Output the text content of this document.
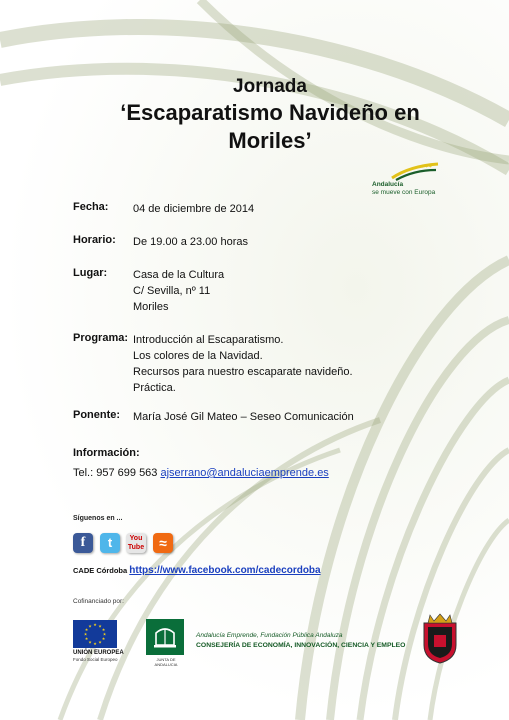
Jornada
‘Escaparatismo Navideño en
Moriles’
✶✶✶
Andalucía
se mueve con Europa
Fecha: 04 de diciembre de 2014
Horario: De 19.00 a 23.00 horas
Lugar: Casa de la Cultura
C/ Sevilla, nº 11
Moriles
Programa: Introducción al Escaparatismo.
Los colores de la Navidad.
Recursos para nuestro escaparate navideño.
Práctica.
Ponente: María José Gil Mateo – Seseo Comunicación
Información:
Tel.: 957 699 563 ajserrano@andaluciaemprende.es
Síguenos en ...
f	t	You
Tube	≈
CADE Córdoba https://www.facebook.com/cadecordoba
Cofinanciado por:
★ ★
★
★
★
★
★
★
★
★
★
★
UNIÓN EUROPEA
Fondo Social Europeo	JUNTA DE ANDALUCIA
Andalucía Emprende, Fundación Pública Andaluza
CONSEJERÍA DE ECONOMÍA, INNOVACIÓN, CIENCIA Y EMPLEO
